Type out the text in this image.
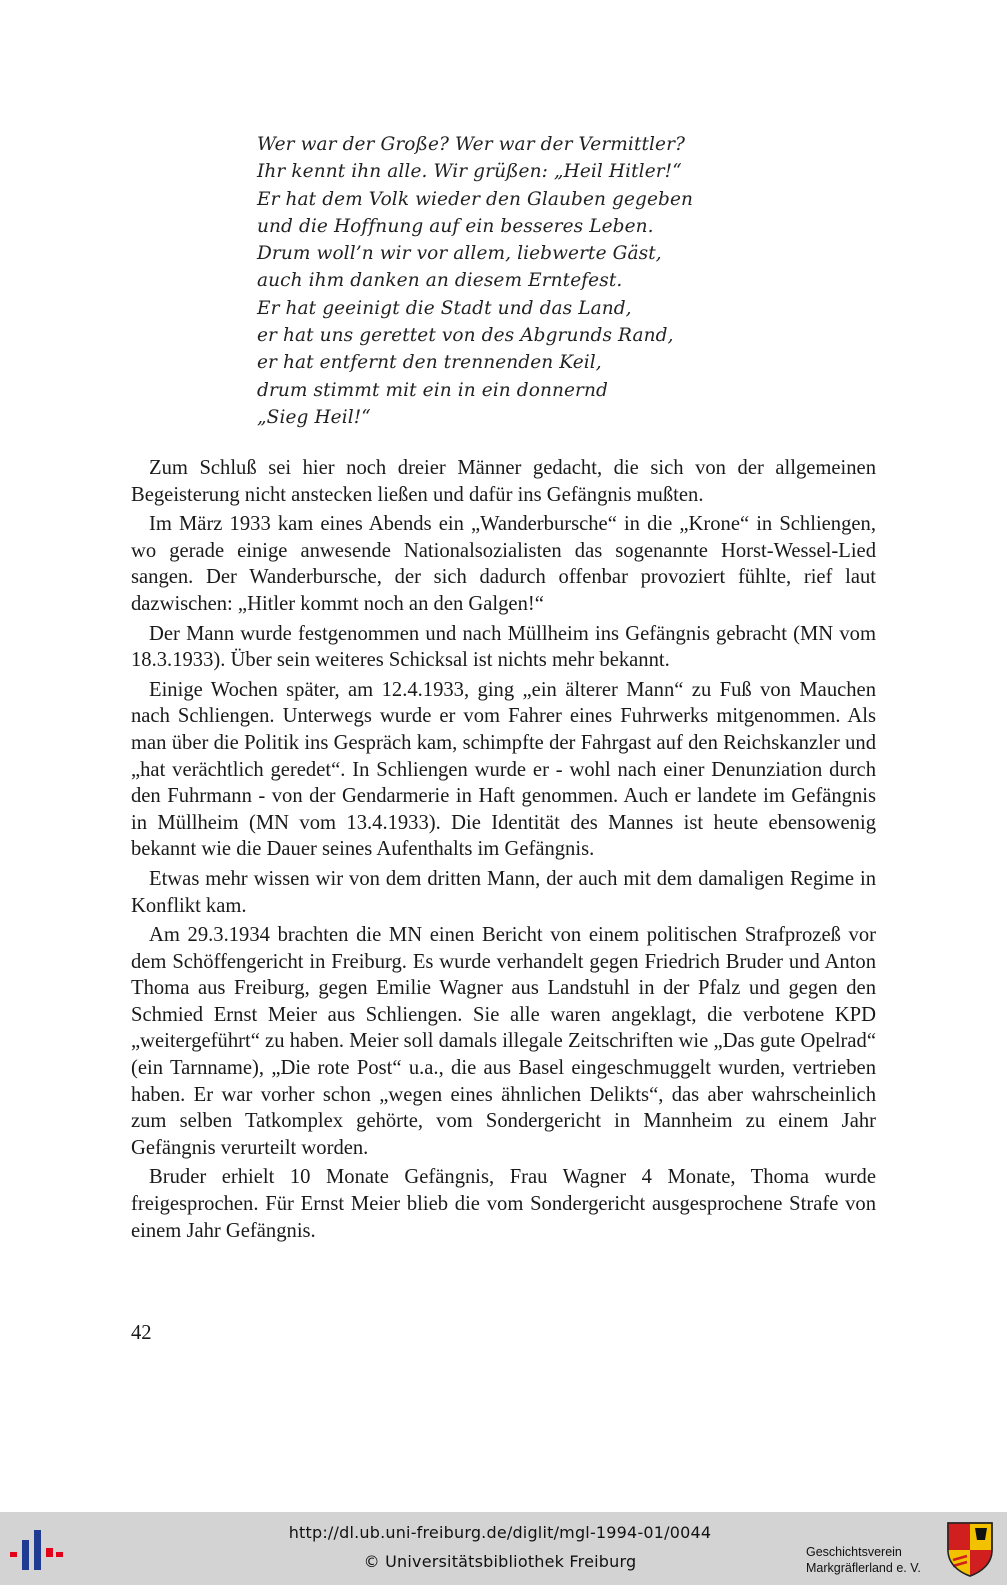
Wer war der Große? Wer war der Vermittler?
Ihr kennt ihn alle. Wir grüßen: „Heil Hitler!“
Er hat dem Volk wieder den Glauben gegeben
und die Hoffnung auf ein besseres Leben.
Drum woll’n wir vor allem, liebwerte Gäst,
auch ihm danken an diesem Erntefest.
Er hat geeinigt die Stadt und das Land,
er hat uns gerettet von des Abgrunds Rand,
er hat entfernt den trennenden Keil,
drum stimmt mit ein in ein donnernd
„Sieg Heil!“

Zum Schluß sei hier noch dreier Männer gedacht, die sich von der allgemeinen Begeisterung nicht anstecken ließen und dafür ins Gefängnis mußten.

Im März 1933 kam eines Abends ein „Wanderbursche“ in die „Krone“ in Schliengen, wo gerade einige anwesende Nationalsozialisten das sogenannte Horst-Wessel-Lied sangen. Der Wanderbursche, der sich dadurch offenbar provoziert fühlte, rief laut dazwischen: „Hitler kommt noch an den Galgen!“

Der Mann wurde festgenommen und nach Müllheim ins Gefängnis gebracht (MN vom 18.3.1933). Über sein weiteres Schicksal ist nichts mehr bekannt.

Einige Wochen später, am 12.4.1933, ging „ein älterer Mann“ zu Fuß von Mauchen nach Schliengen. Unterwegs wurde er vom Fahrer eines Fuhrwerks mitgenommen. Als man über die Politik ins Gespräch kam, schimpfte der Fahrgast auf den Reichskanzler und „hat verächtlich geredet“. In Schliengen wurde er - wohl nach einer Denunziation durch den Fuhrmann - von der Gendarmerie in Haft genommen. Auch er landete im Gefängnis in Müllheim (MN vom 13.4.1933). Die Identität des Mannes ist heute ebensowenig bekannt wie die Dauer seines Aufenthalts im Gefängnis.

Etwas mehr wissen wir von dem dritten Mann, der auch mit dem damaligen Regime in Konflikt kam.

Am 29.3.1934 brachten die MN einen Bericht von einem politischen Strafprozeß vor dem Schöffengericht in Freiburg. Es wurde verhandelt gegen Friedrich Bruder und Anton Thoma aus Freiburg, gegen Emilie Wagner aus Landstuhl in der Pfalz und gegen den Schmied Ernst Meier aus Schliengen. Sie alle waren angeklagt, die verbotene KPD „weitergeführt“ zu haben. Meier soll damals illegale Zeitschriften wie „Das gute Opelrad“ (ein Tarnname), „Die rote Post“ u.a., die aus Basel eingeschmuggelt wurden, vertrieben haben. Er war vorher schon „wegen eines ähnlichen Delikts“, das aber wahrscheinlich zum selben Tatkomplex gehörte, vom Sondergericht in Mannheim zu einem Jahr Gefängnis verurteilt worden.

Bruder erhielt 10 Monate Gefängnis, Frau Wagner 4 Monate, Thoma wurde freigesprochen. Für Ernst Meier blieb die vom Sondergericht ausgesprochene Strafe von einem Jahr Gefängnis.

42
http://dl.ub.uni-freiburg.de/diglit/mgl-1994-01/0044
© Universitätsbibliothek Freiburg	Geschichtsverein
Markgräflerland e. V.
